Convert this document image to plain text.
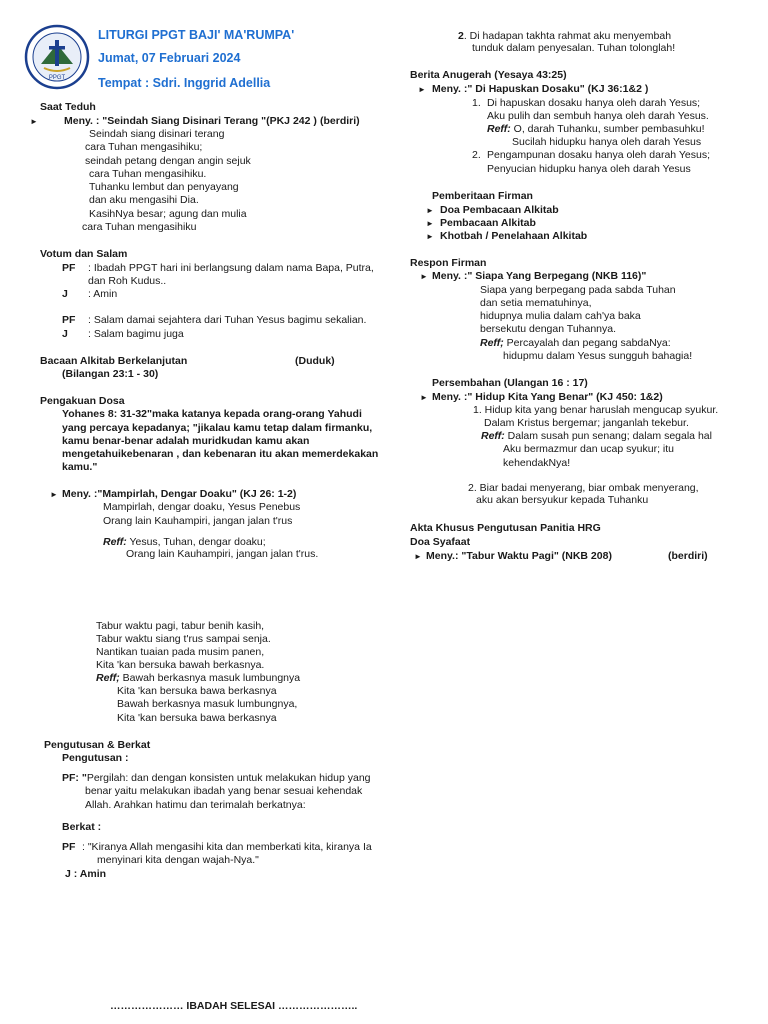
PPGT
LITURGI PPGT BAJI' MA'RUMPA'
Jumat, 07 Februari 2024
Tempat : Sdri. Inggrid Adellia
Saat Teduh
► Meny. : "Seindah Siang Disinari Terang "(PKJ 242 ) (berdiri)
Seindah siang disinari terang
cara Tuhan mengasihiku;
seindah petang dengan angin sejuk
cara Tuhan mengasihiku.
Tuhanku lembut dan penyayang
dan aku mengasihi Dia.
KasihNya besar; agung dan mulia
cara Tuhan mengasihiku
Votum dan Salam
PF : Ibadah PPGT hari ini berlangsung dalam nama Bapa, Putra,
dan Roh Kudus..
J : Amin
PF : Salam damai sejahtera dari Tuhan Yesus bagimu sekalian.
J : Salam bagimu juga
Bacaan Alkitab Berkelanjutan	(Duduk)
(Bilangan 23:1 - 30)
Pengakuan Dosa
Yohanes 8: 31-32"maka katanya kepada orang-orang Yahudi
yang percaya kepadanya; "jikalau kamu tetap dalam firmanku,
kamu benar-benar adalah muridkudan kamu akan
mengetahuikebenaran , dan kebenaran itu akan memerdekakan
kamu."
► Meny. :"Mampirlah, Dengar Doaku" (KJ 26: 1-2)
Mampirlah, dengar doaku, Yesus Penebus
Orang lain Kauhampiri, jangan jalan t'rus
Reff: Yesus, Tuhan, dengar doaku;
Orang lain Kauhampiri, jangan jalan t'rus.
Tabur waktu pagi, tabur benih kasih,
Tabur waktu siang t'rus sampai senja.
Nantikan tuaian pada musim panen,
Kita 'kan bersuka bawah berkasnya.
Reff; Bawah berkasnya masuk lumbungnya
Kita 'kan bersuka bawa berkasnya
Bawah berkasnya masuk lumbungnya,
Kita 'kan bersuka bawa berkasnya
Pengutusan & Berkat
Pengutusan :
PF: "Pergilah: dan dengan konsisten untuk melakukan hidup yang
benar yaitu melakukan ibadah yang benar sesuai kehendak
Allah. Arahkan hatimu dan terimalah berkatnya:
Berkat :
PF : "Kiranya Allah mengasihi kita dan memberkati kita, kiranya Ia
menyinari kita dengan wajah-Nya."
J : Amin
………………… IBADAH SELESAI …………………..
2. Di hadapan takhta rahmat aku menyembah
tunduk dalam penyesalan. Tuhan tolonglah!
Berita Anugerah (Yesaya 43:25)
► Meny. :" Di Hapuskan Dosaku" (KJ 36:1&2 )
1. Di hapuskan dosaku hanya oleh darah Yesus;
Aku pulih dan sembuh hanya oleh darah Yesus.
Reff: O, darah Tuhanku, sumber pembasuhku!
Sucilah hidupku hanya oleh darah Yesus
2. Pengampunan dosaku hanya oleh darah Yesus;
Penyucian hidupku hanya oleh darah Yesus
Pemberitaan Firman
► Doa Pembacaan Alkitab
► Pembacaan Alkitab
► Khotbah / Penelahaan Alkitab
Respon Firman
► Meny. :" Siapa Yang Berpegang (NKB 116)"
Siapa yang berpegang pada sabda Tuhan
dan setia mematuhinya,
hidupnya mulia dalam cah'ya baka
bersekutu dengan Tuhannya.
Reff; Percayalah dan pegang sabdaNya:
hidupmu dalam Yesus sungguh bahagia!
Persembahan (Ulangan 16 : 17)
► Meny. :" Hidup Kita Yang Benar" (KJ 450: 1&2)
1. Hidup kita yang benar haruslah mengucap syukur.
Dalam Kristus bergemar; janganlah tekebur.
Reff: Dalam susah pun senang; dalam segala hal
Aku bermazmur dan ucap syukur; itu
kehendakNya!
2. Biar badai menyerang, biar ombak menyerang,
aku akan bersyukur kepada Tuhanku
Akta Khusus Pengutusan Panitia HRG
Doa Syafaat
► Meny.: "Tabur Waktu Pagi" (NKB 208)	(berdiri)
